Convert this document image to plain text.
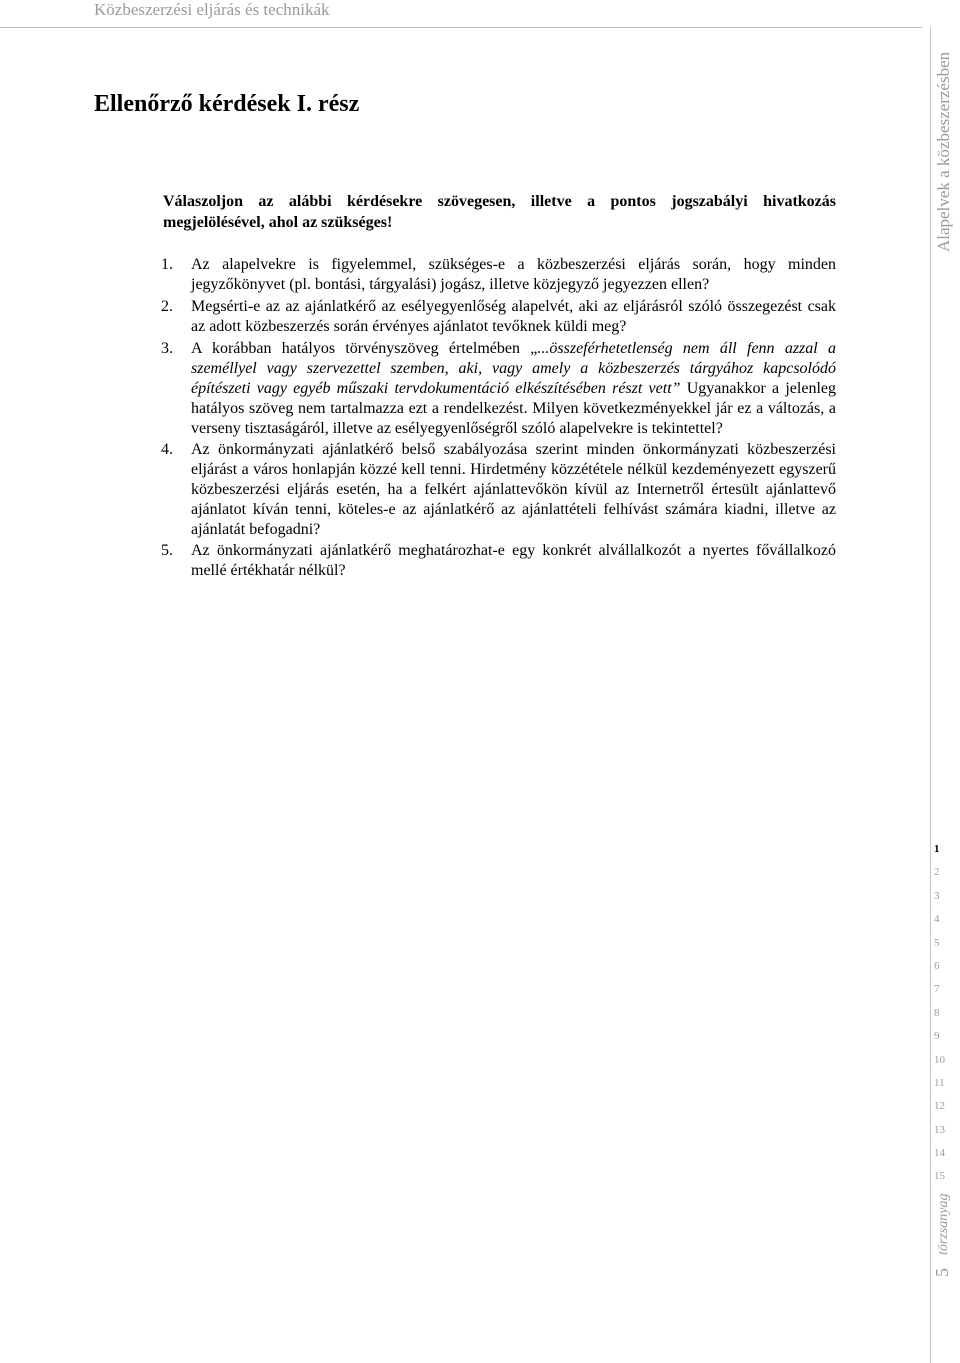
Közbeszerzési eljárás és technikák
Alapelvek a közbeszerzésben
Ellenőrző kérdések I. rész

Válaszoljon az alábbi kérdésekre szövegesen, illetve a pontos jogszabályi hivatkozás megjelölésével, ahol az szükséges!

1. Az alapelvekre is figyelemmel, szükséges-e a közbeszerzési eljárás során, hogy minden jegyzőkönyvet (pl. bontási, tárgyalási) jogász, illetve közjegyző jegyezzen ellen?
2. Megsérti-e az az ajánlatkérő az esélyegyenlőség alapelvét, aki az eljárásról szóló összegezést csak az adott közbeszerzés során érvényes ajánlatot tevőknek küldi meg?
3. A korábban hatályos törvényszöveg értelmében „...összeférhetetlenség nem áll fenn azzal a személlyel vagy szervezettel szemben, aki, vagy amely a közbeszerzés tárgyához kapcsolódó építészeti vagy egyéb műszaki tervdokumentáció elkészítésében részt vett” Ugyanakkor a jelenleg hatályos szöveg nem tartalmazza ezt a rendelkezést. Milyen következményekkel jár ez a változás, a verseny tisztaságáról, illetve az esélyegyenlőségről szóló alapelvekre is tekintettel?
4. Az önkormányzati ajánlatkérő belső szabályozása szerint minden önkormányzati közbeszerzési eljárást a város honlapján közzé kell tenni. Hirdetmény közzététele nélkül kezdeményezett egyszerű közbeszerzési eljárás esetén, ha a felkért ajánlattevőkön kívül az Internetről értesült ajánlattevő ajánlatot kíván tenni, köteles-e az ajánlatkérő az ajánlattételi felhívást számára kiadni, illetve az ajánlatát befogadni?
5. Az önkormányzati ajánlatkérő meghatározhat-e egy konkrét alvállalkozót a nyertes fővállalkozó mellé értékhatár nélkül?
1
2
3
4
5
6
7
8
9
10
11
12
13
14
15
törzsanyag
5
